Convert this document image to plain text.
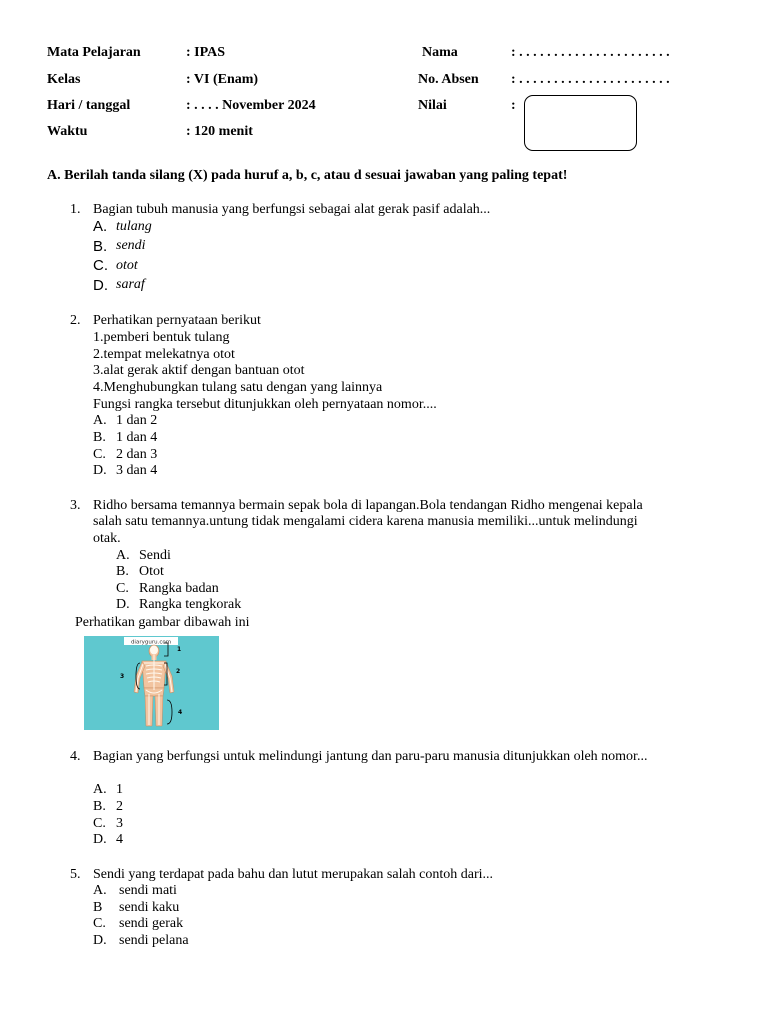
Mata Pelajaran	: IPAS	Nama	: . . . . . . . . . . . . . . . . . . . . . .
Kelas	: VI (Enam)	No. Absen : . . . . . . . . . . . . . . . . . . . . . .
Hari / tanggal	: . . . . November 2024	Nilai	:
Waktu	: 120 menit
A. Berilah tanda silang (X) pada huruf a, b, c, atau d sesuai jawaban yang paling tepat!
1. Bagian tubuh manusia yang berfungsi sebagai alat gerak pasif adalah...
A. tulang
B. sendi
C. otot
D. saraf
2. Perhatikan pernyataan berikut
1.pemberi bentuk tulang
2.tempat melekatnya otot
3.alat gerak aktif dengan bantuan otot
4.Menghubungkan tulang satu dengan yang lainnya
Fungsi rangka tersebut ditunjukkan oleh pernyataan nomor....
A. 1 dan 2
B. 1 dan 4
C. 2 dan 3
D. 3 dan 4
3. Ridho bersama temannya bermain sepak bola di lapangan.Bola tendangan Ridho mengenai kepala
salah satu temannya.untung tidak mengalami cidera karena manusia memiliki...untuk melindungi
otak.
A. Sendi
B. Otot
C. Rangka badan
D. Rangka tengkorak
Perhatikan gambar dibawah ini
diaryguru.com
1
2
3
4
4. Bagian yang berfungsi untuk melindungi jantung dan paru-paru manusia ditunjukkan oleh nomor...
A. 1
B. 2
C. 3
D. 4
5. Sendi yang terdapat pada bahu dan lutut merupakan salah contoh dari...
A. sendi mati
B sendi kaku
C. sendi gerak
D. sendi pelana
